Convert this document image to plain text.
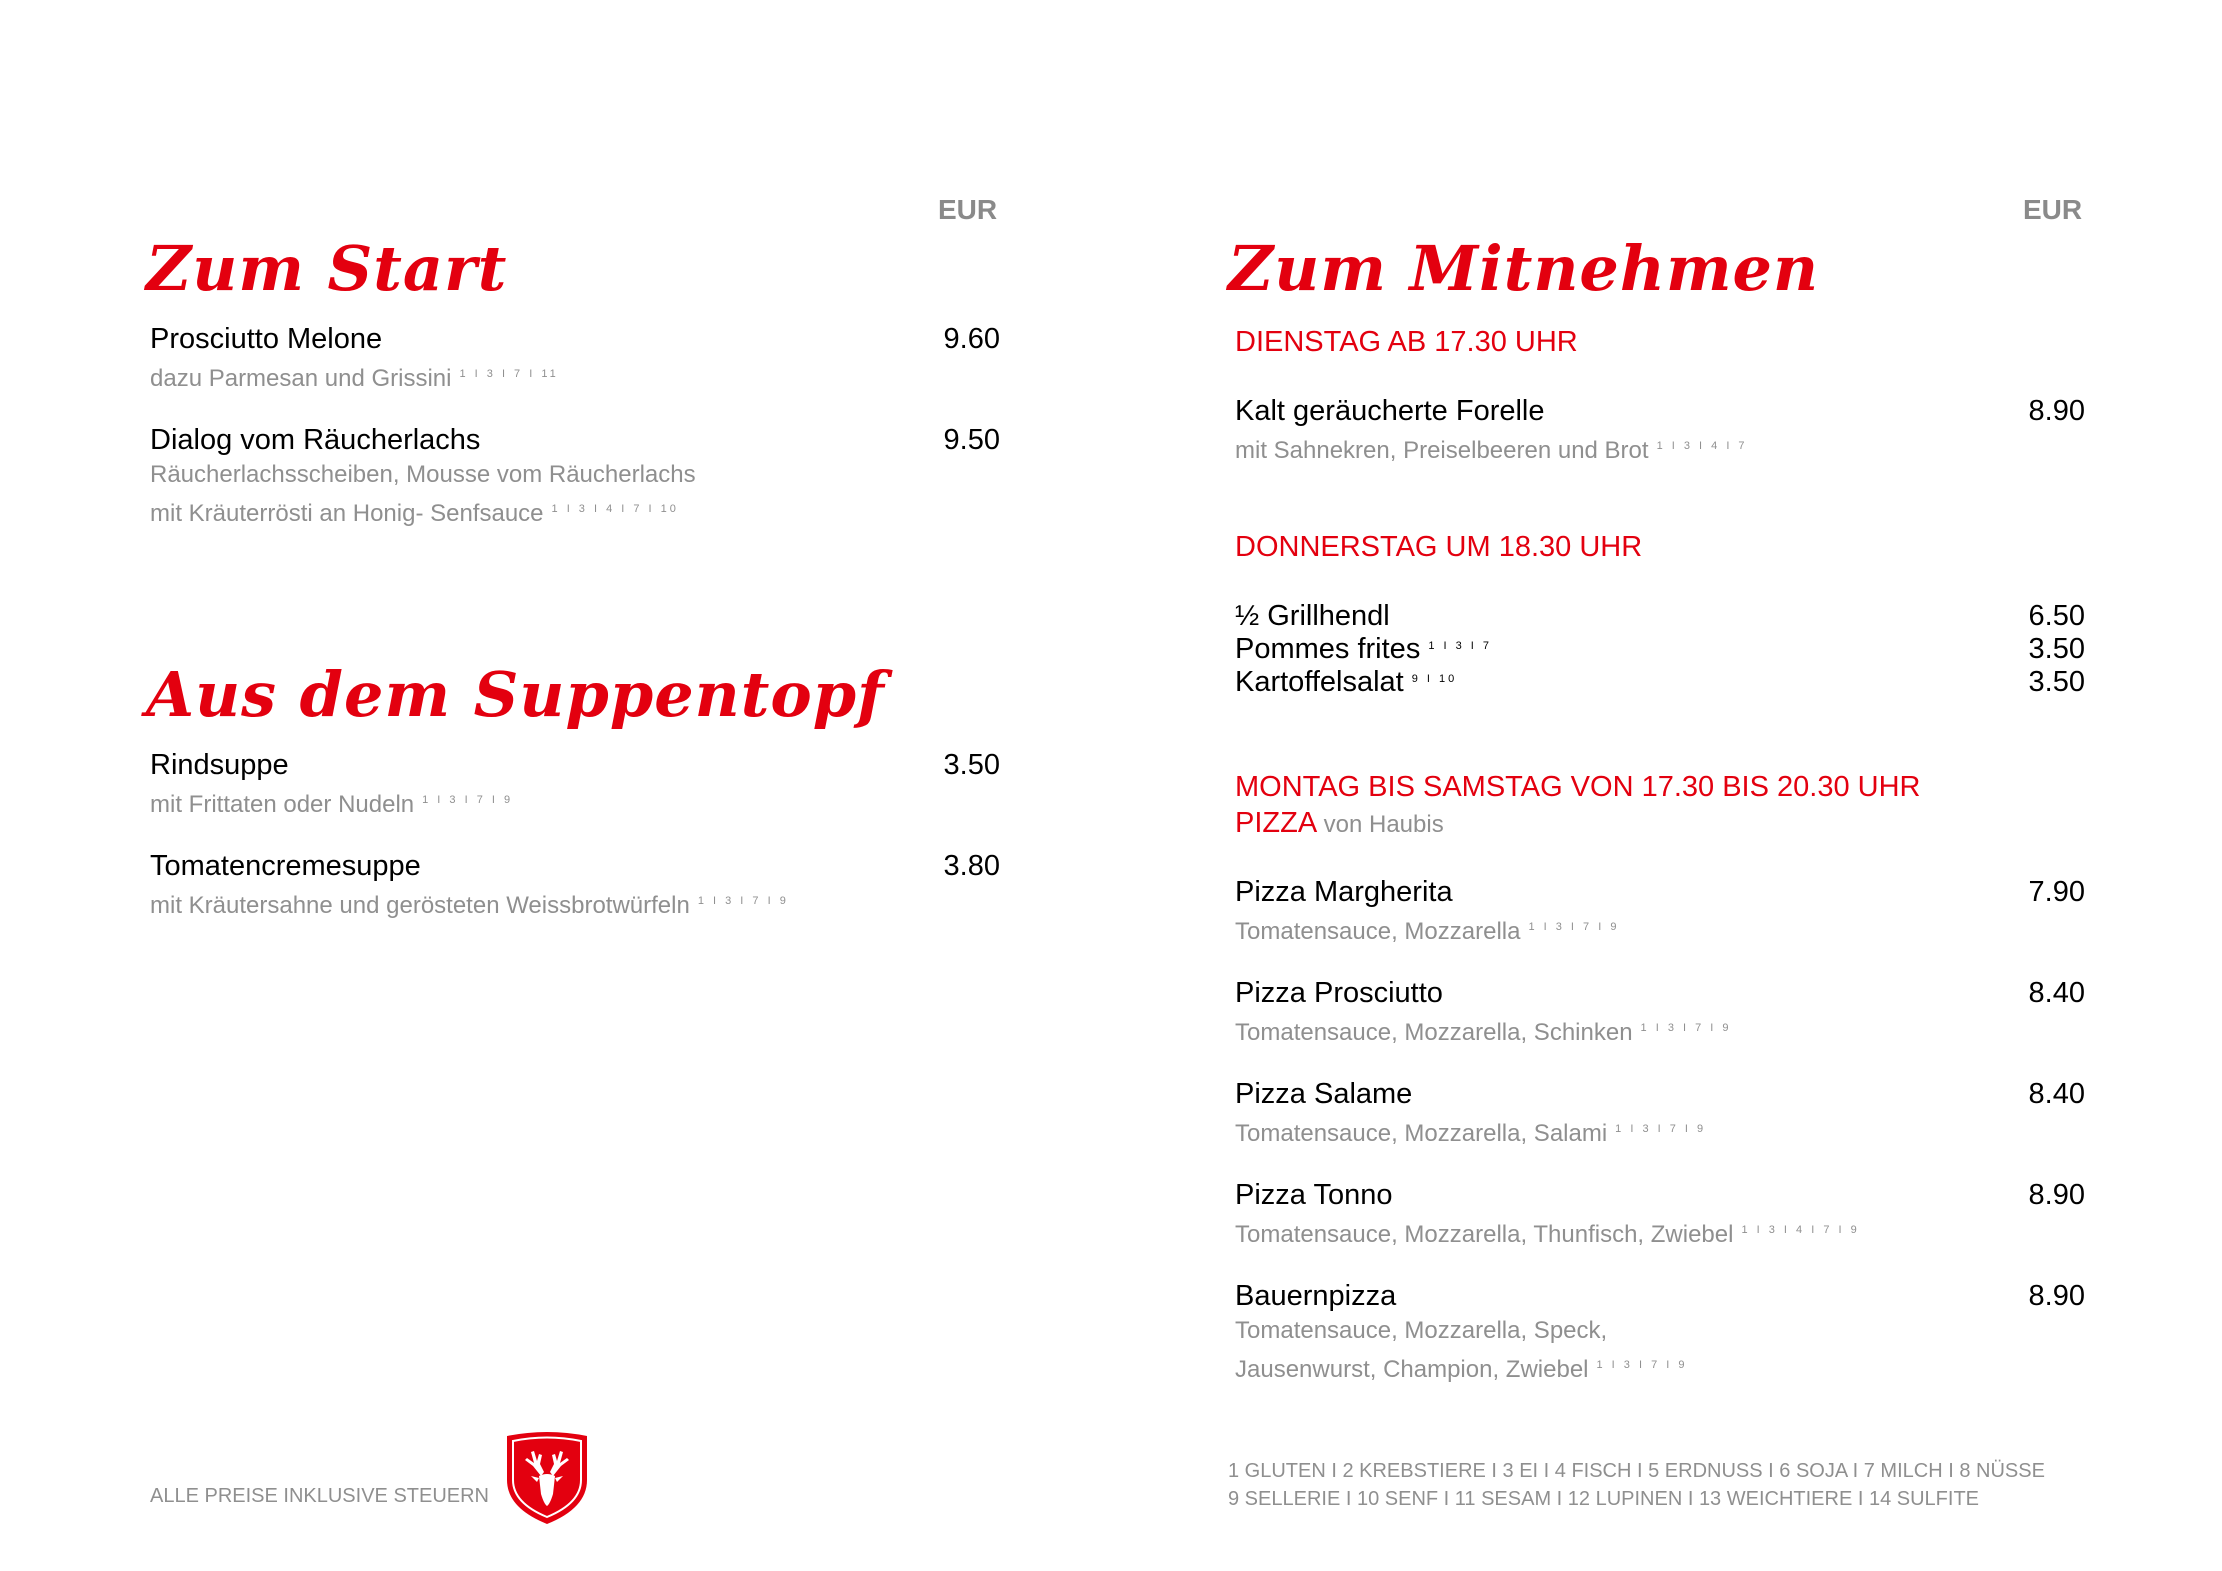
EUR
Zum Start
Prosciutto Melone	9.60
dazu Parmesan und Grissini $^{1 I 3 I 7 I 11}$
Dialog vom Räucherlachs	9.50
Räucherlachsscheiben, Mousse vom Räucherlachs
mit Kräuterrösti an Honig- Senfsauce $^{1 I 3 I 4 I 7 I 10}$
Aus dem Suppentopf
Rindsuppe	3.50
mit Frittaten oder Nudeln $^{1 I 3 I 7 I 9}$
Tomatencremesuppe	3.80
mit Kräutersahne und gerösteten Weissbrotwürfeln $^{1 I 3 I 7 I 9}$
ALLE PREISE INKLUSIVE STEUERN
EUR
Zum Mitnehmen
DIENSTAG AB 17.30 UHR
Kalt geräucherte Forelle	8.90
mit Sahnekren, Preiselbeeren und Brot $^{1 I 3 I 4 I 7}$
DONNERSTAG UM 18.30 UHR
½ Grillhendl	6.50
Pommes frites $^{1 I 3 I 7}$	3.50
Kartoffelsalat $^{9 I 10}$	3.50
MONTAG BIS SAMSTAG VON 17.30 BIS 20.30 UHR
PIZZA von Haubis
Pizza Margherita	7.90
Tomatensauce, Mozzarella $^{1 I 3 I 7 I 9}$
Pizza Prosciutto	8.40
Tomatensauce, Mozzarella, Schinken $^{1 I 3 I 7 I 9}$
Pizza Salame	8.40
Tomatensauce, Mozzarella, Salami $^{1 I 3 I 7 I 9}$
Pizza Tonno	8.90
Tomatensauce, Mozzarella, Thunfisch, Zwiebel $^{1 I 3 I 4 I 7 I 9}$
Bauernpizza	8.90
Tomatensauce, Mozzarella, Speck,
Jausenwurst, Champion, Zwiebel $^{1 I 3 I 7 I 9}$
1 GLUTEN I 2 KREBSTIERE I 3 EI I 4 FISCH I 5 ERDNUSS I 6 SOJA I 7 MILCH I 8 NÜSSE
9 SELLERIE I 10 SENF I 11 SESAM I 12 LUPINEN I 13 WEICHTIERE I 14 SULFITE
